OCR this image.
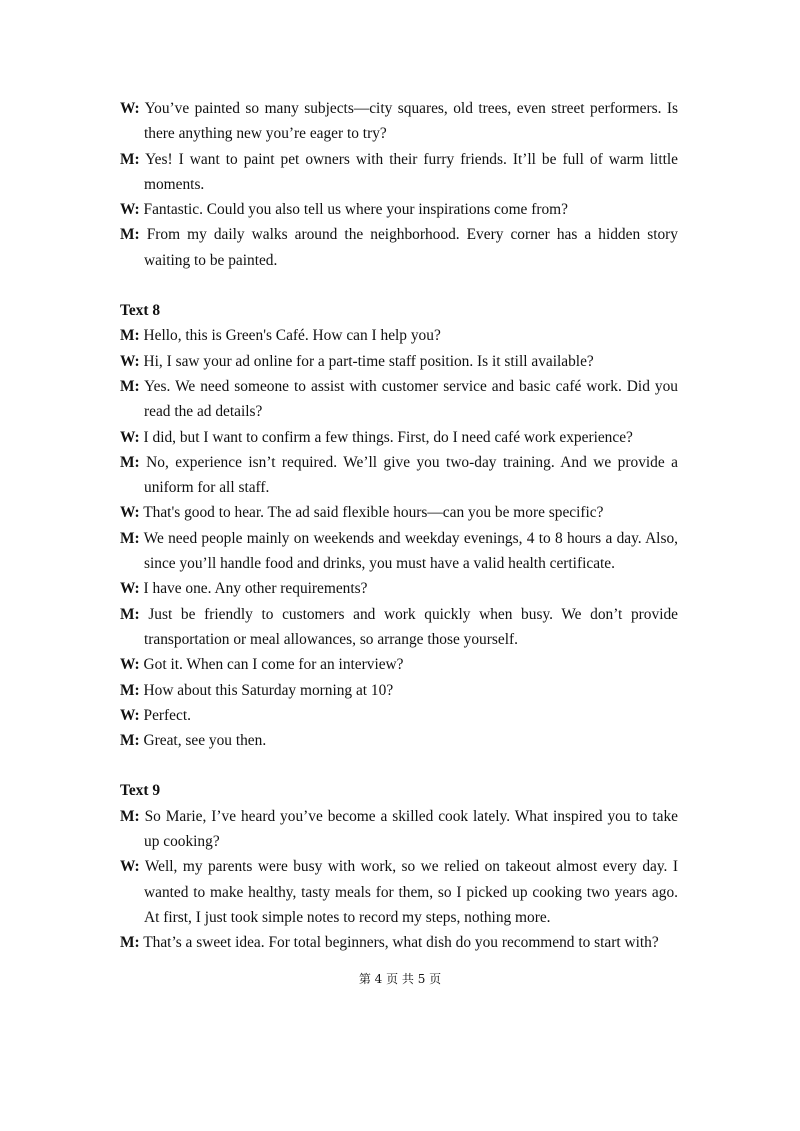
W: You’ve painted so many subjects—city squares, old trees, even street performers. Is there anything new you’re eager to try?
M: Yes! I want to paint pet owners with their furry friends. It’ll be full of warm little moments.
W: Fantastic. Could you also tell us where your inspirations come from?
M: From my daily walks around the neighborhood. Every corner has a hidden story waiting to be painted.
Text 8
M: Hello, this is Green's Café. How can I help you?
W: Hi, I saw your ad online for a part-time staff position. Is it still available?
M: Yes. We need someone to assist with customer service and basic café work. Did you read the ad details?
W: I did, but I want to confirm a few things. First, do I need café work experience?
M: No, experience isn’t required. We’ll give you two-day training. And we provide a uniform for all staff.
W: That's good to hear. The ad said flexible hours—can you be more specific?
M: We need people mainly on weekends and weekday evenings, 4 to 8 hours a day. Also, since you’ll handle food and drinks, you must have a valid health certificate.
W: I have one. Any other requirements?
M: Just be friendly to customers and work quickly when busy. We don’t provide transportation or meal allowances, so arrange those yourself.
W: Got it. When can I come for an interview?
M: How about this Saturday morning at 10?
W: Perfect.
M: Great, see you then.
Text 9
M: So Marie, I’ve heard you’ve become a skilled cook lately. What inspired you to take up cooking?
W: Well, my parents were busy with work, so we relied on takeout almost every day. I wanted to make healthy, tasty meals for them, so I picked up cooking two years ago. At first, I just took simple notes to record my steps, nothing more.
M: That’s a sweet idea. For total beginners, what dish do you recommend to start with?
第 4 页 共 5 页
